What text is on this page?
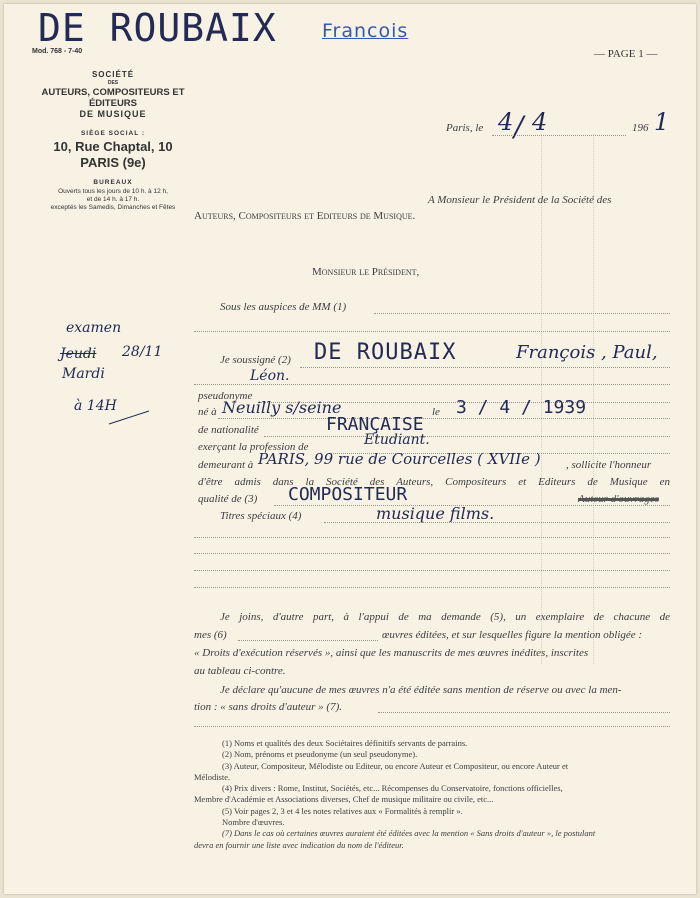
DE ROUBAIX Francois
Mod. 768 - 7-40	— PAGE 1 —
SOCIÉTÉ
DES
AUTEURS, COMPOSITEURS ET ÉDITEURS
DE MUSIQUE
SIÈGE SOCIAL :
10, Rue Chaptal, 10
PARIS (9e)
BUREAUX
Ouverts tous les jours de 10 h. à 12 h,
et de 14 h. à 17 h.
exceptés les Samedis, Dimanches et Fêtes
Paris, le 4 / 4	196 1
A Monsieur le Président de la Société des
Auteurs, Compositeurs et Editeurs de Musique.
Monsieur le Président,
Sous les auspices de MM (1)
examen
Jeudi 28/11
Mardi
à 14H
Je soussigné (2) DE ROUBAIX	François , Paul,
Léon.
pseudonyme
né à Neuilly s/seine	le 3 / 4 / 1939
de nationalité	FRANÇAISE
exerçant la profession de	Etudiant.
demeurant à PARIS, 99 rue de Courcelles ( XVIIe ) , sollicite l'honneur
d'être admis dans la Société des Auteurs, Compositeurs et Editeurs de Musique en
qualité de (3) COMPOSITEUR	Auteur d'ouvrages
Titres spéciaux (4)	musique films.
Je joins, d'autre part, à l'appui de ma demande (5), un exemplaire de chacune de
mes (6)	œuvres éditées, et sur lesquelles figure la mention obligée :
« Droits d'exécution réservés », ainsi que les manuscrits de mes œuvres inédites, inscrites
au tableau ci-contre.
Je déclare qu'aucune de mes œuvres n'a été éditée sans mention de réserve ou avec la men-
tion : « sans droits d'auteur » (7).
(1) Noms et qualités des deux Sociétaires définitifs servants de parrains.
(2) Nom, prénoms et pseudonyme (un seul pseudonyme).
(3) Auteur, Compositeur, Mélodiste ou Editeur, ou encore Auteur et Compositeur, ou encore Auteur et
Mélodiste.
(4) Prix divers : Rome, Institut, Sociétés, etc... Récompenses du Conservatoire, fonctions officielles,
Membre d'Académie et Associations diverses, Chef de musique militaire ou civile, etc...
(5) Voir pages 2, 3 et 4 les notes relatives aux « Formalités à remplir ».
Nombre d'œuvres.
(7) Dans le cas où certaines œuvres auraient été éditées avec la mention « Sans droits d'auteur », le postulant
devra en fournir une liste avec indication du nom de l'éditeur.
